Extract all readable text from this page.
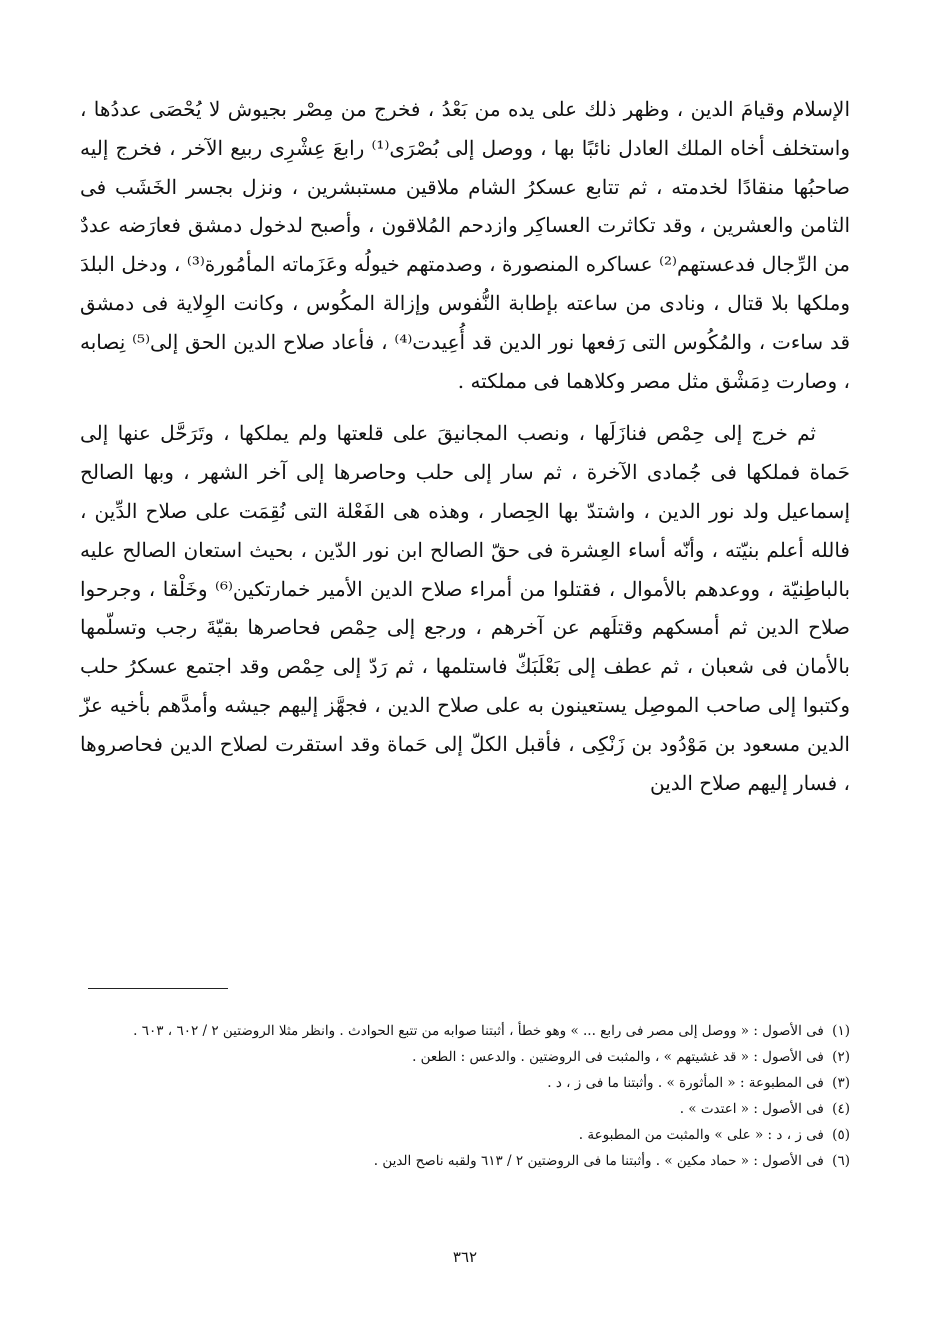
الإسلام وقيامَ الدين ، وظهر ذلك على يده من بَعْدُ ، فخرج من مِصْر بجيوش لا يُحْصَى عددُها ، واستخلف أخاه الملك العادل نائبًا بها ، ووصل إلى بُصْرَى⁽¹⁾ رابعَ عِشْرِى ربيع الآخر ، فخرج إليه صاحبُها منقادًا لخدمته ، ثم تتابع عسكرُ الشام ملاقين مستبشرين ، ونزل بجسر الخَشَب فى الثامن والعشرين ، وقد تكاثرت العساكِر وازدحم المُلاقون ، وأصبح لدخول دمشق فعارَضه عددٌ من الرِّجال فدعستهم⁽²⁾ عساكره المنصورة ، وصدمتهم خيولُه وعَزَماته المأمُورة⁽³⁾ ، ودخل البلدَ وملكها بلا قتال ، ونادى من ساعته بإطابة النُّفوس وإزالة المكُوس ، وكانت الوِلاية فى دمشق قد ساءت ، والمُكُوس التى رَفعها نور الدين قد أُعِيدت⁽⁴⁾ ، فأعاد صلاح الدين الحق إلى⁽⁵⁾ نِصابه ، وصارت دِمَشْق مثل مصر وكلاهما فى مملكته .

ثم خرج إلى حِمْص فنازَلَها ، ونصب المجانيقَ على قلعتها ولم يملكها ، وتَرَحَّل عنها إلى حَماة فملكها فى جُمادى الآخرة ، ثم سار إلى حلب وحاصرها إلى آخر الشهر ، وبها الصالح إسماعيل ولد نور الدين ، واشتدّ بها الحِصار ، وهذه هى الفَعْلة التى نُقِمَت على صلاح الدِّين ، فالله أعلم بنيّته ، وأنّه أساء العِشرة فى حقّ الصالح ابن نور الدّين ، بحيث استعان الصالح عليه بالباطِنيّة ، ووعدهم بالأموال ، فقتلوا من أمراء صلاح الدين الأمير خمارتكين⁽⁶⁾ وخَلْقا ، وجرحوا صلاح الدين ثم أمسكهم وقتلَهم عن آخرهم ، ورجع إلى حِمْص فحاصرها بقيّةَ رجب وتسلّمها بالأمان فى شعبان ، ثم عطف إلى بَعْلَبَكّ فاستلمها ، ثم رَدّ إلى حِمْص وقد اجتمع عسكرُ حلب وكتبوا إلى صاحب الموصِل يستعينون به على صلاح الدين ، فجهَّز إليهم جيشه وأمدَّهم بأخيه عزّ الدين مسعود بن مَوْدُود بن زَنْكِى ، فأقبل الكلّ إلى حَماة وقد استقرت لصلاح الدين فحاصروها ، فسار إليهم صلاح الدين

(١) فى الأصول : « ووصل إلى مصر فى رابع ... » وهو خطأ ، أثبتنا صوابه من تتبع الحوادث . وانظر مثلا الروضتين ٢ / ٦٠٢ ، ٦٠٣ .

(٢) فى الأصول : « قد غشيتهم » ، والمثبت فى الروضتين . والدعس : الطعن .

(٣) فى المطبوعة : « المأثورة » . وأثبتنا ما فى ز ، د .

(٤) فى الأصول : « اعتدت » .

(٥) فى ز ، د : « على » والمثبت من المطبوعة .

(٦) فى الأصول : « حماد مكين » . وأثبتنا ما فى الروضتين ٢ / ٦١٣ ولقبه ناصح الدين .

٣٦٢
